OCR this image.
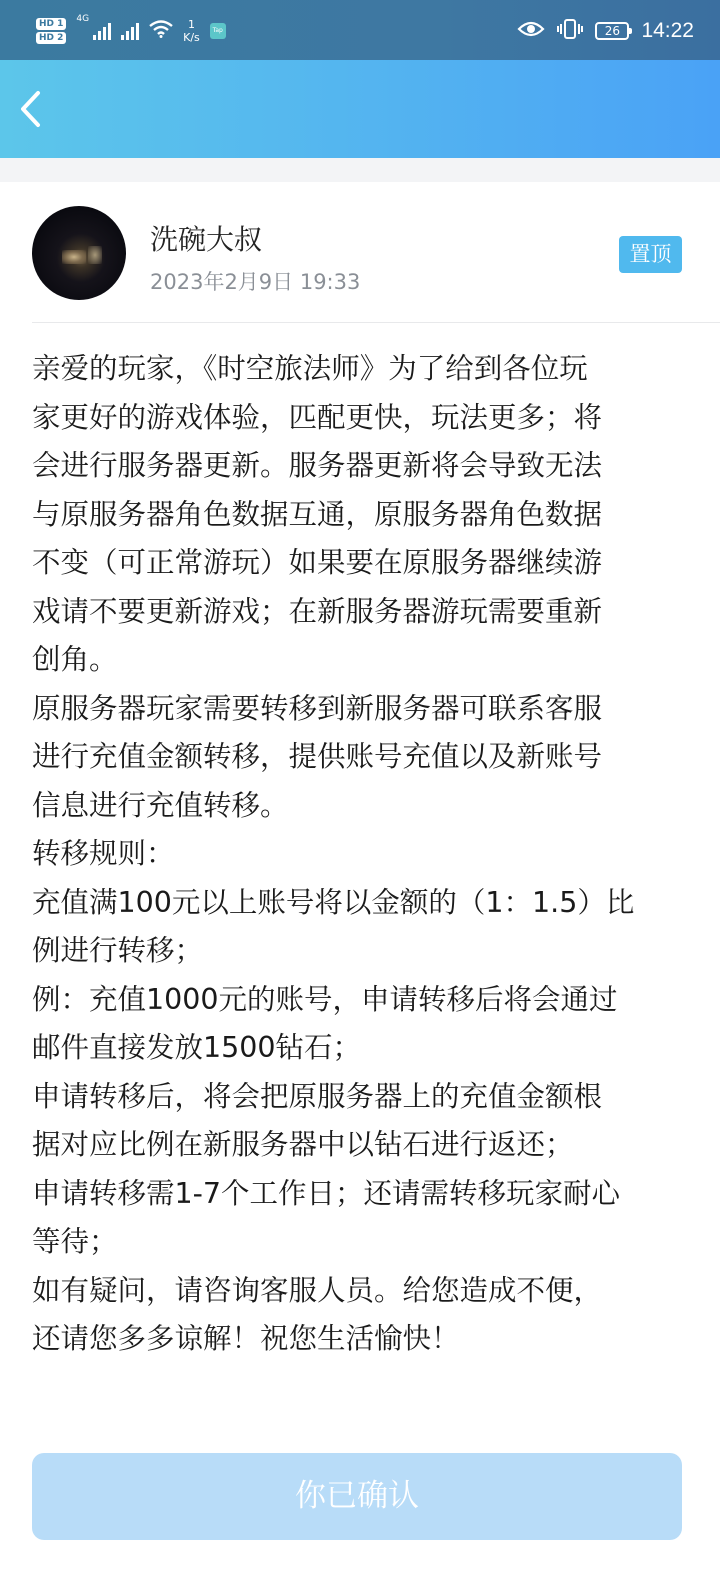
HD 1
HD 2
4G	1
K/s
Tap	26	14:22
洗碗大叔
2023年2月9日 19:33
置顶

亲爱的玩家，《时空旅法师》为了给到各位玩

家更好的游戏体验，匹配更快，玩法更多；将

会进行服务器更新。服务器更新将会导致无法

与原服务器角色数据互通，原服务器角色数据

不变（可正常游玩）如果要在原服务器继续游

戏请不要更新游戏；在新服务器游玩需要重新

创角。

原服务器玩家需要转移到新服务器可联系客服

进行充值金额转移，提供账号充值以及新账号

信息进行充值转移。

转移规则：

充值满100元以上账号将以金额的（1：1.5）比

例进行转移；

例：充值1000元的账号，申请转移后将会通过

邮件直接发放1500钻石；

申请转移后，将会把原服务器上的充值金额根

据对应比例在新服务器中以钻石进行返还；

申请转移需1-7个工作日；还请需转移玩家耐心

等待；

如有疑问，请咨询客服人员。给您造成不便，

还请您多多谅解！祝您生活愉快！

你已确认
